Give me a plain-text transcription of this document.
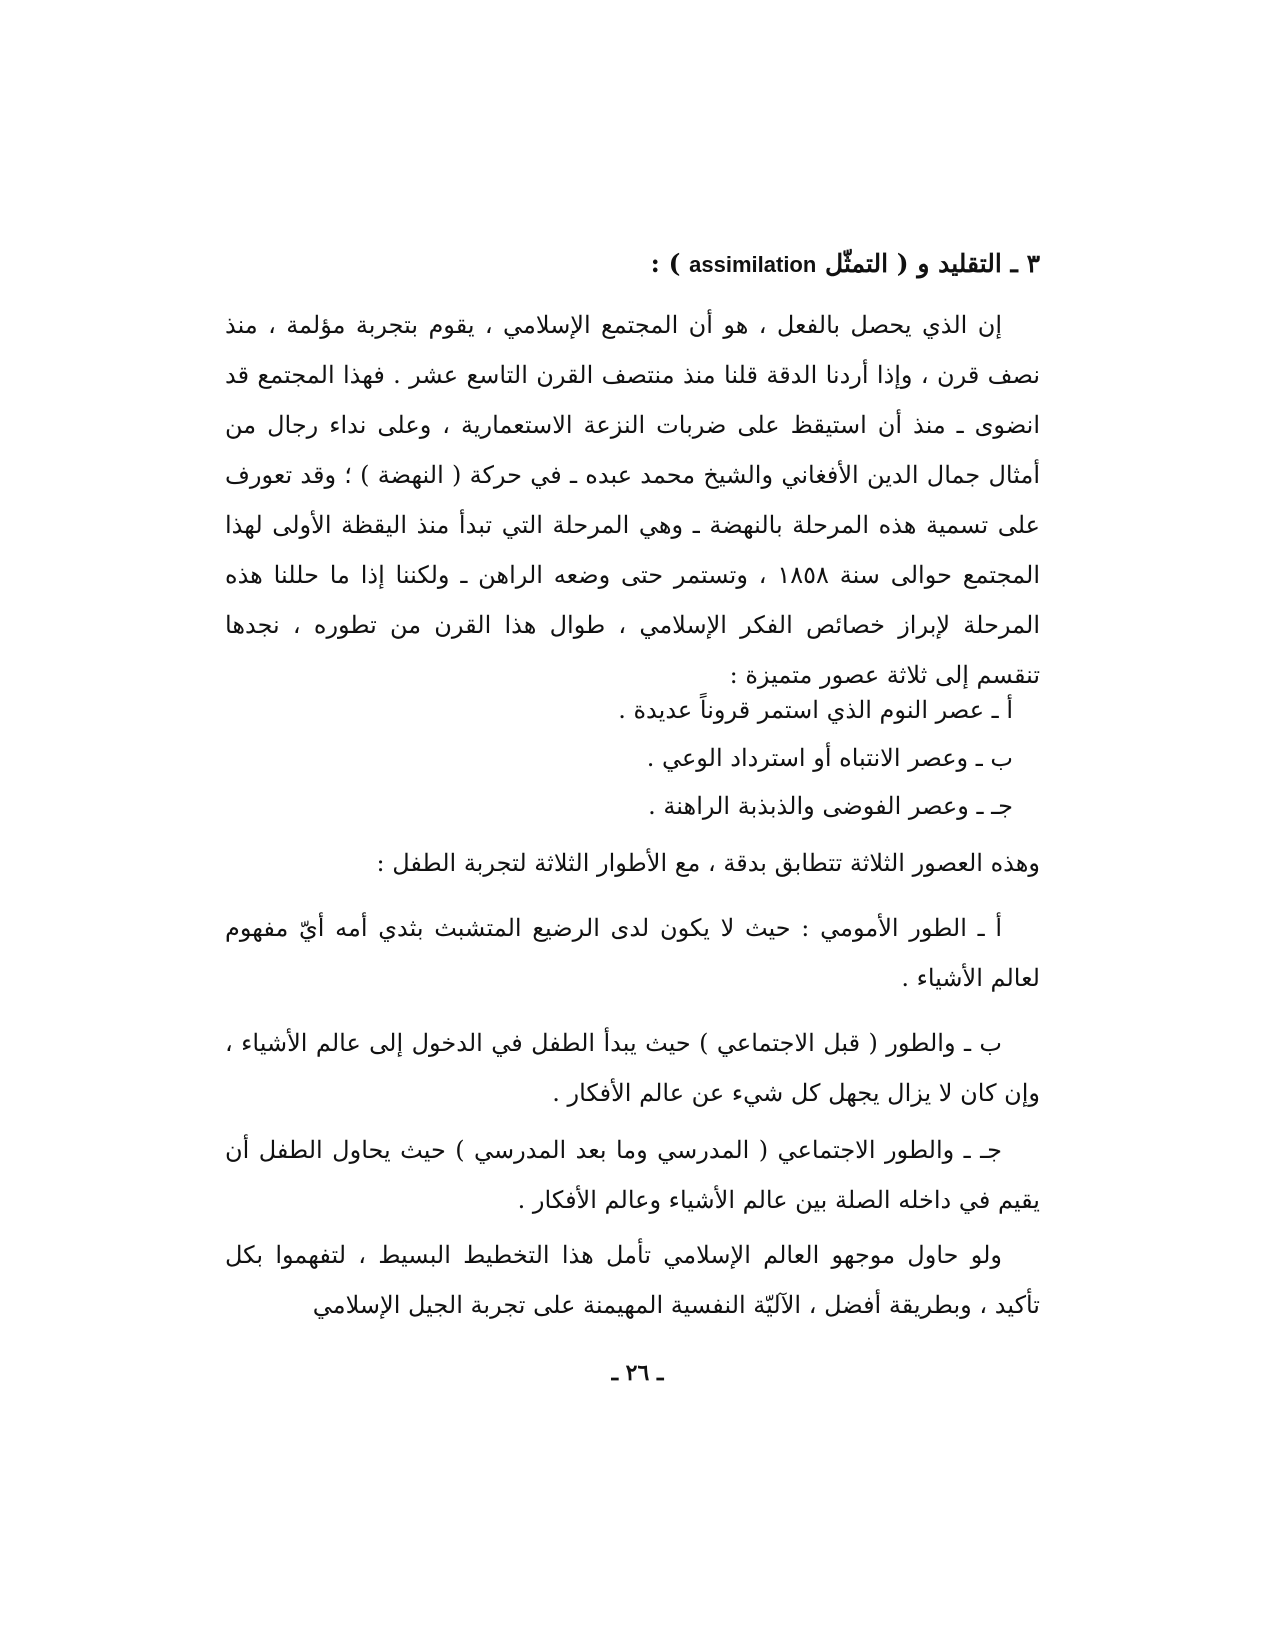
٣ ـ التقليد و ( التمثّل assimilation ) :

إن الذي يحصل بالفعل ، هو أن المجتمع الإسلامي ، يقوم بتجربة مؤلمة ، منذ نصف قرن ، وإذا أردنا الدقة قلنا منذ منتصف القرن التاسع عشر . فهذا المجتمع قد انضوى ـ منذ أن استيقظ على ضربات النزعة الاستعمارية ، وعلى نداء رجال من أمثال جمال الدين الأفغاني والشيخ محمد عبده ـ في حركة ( النهضة ) ؛ وقد تعورف على تسمية هذه المرحلة بالنهضة ـ وهي المرحلة التي تبدأ منذ اليقظة الأولى لهذا المجتمع حوالى سنة ١٨٥٨ ، وتستمر حتى وضعه الراهن ـ ولكننا إذا ما حللنا هذه المرحلة لإبراز خصائص الفكر الإسلامي ، طوال هذا القرن من تطوره ، نجدها تنقسم إلى ثلاثة عصور متميزة :

أ ـ عصر النوم الذي استمر قروناً عديدة .
ب ـ وعصر الانتباه أو استرداد الوعي .
جـ ـ وعصر الفوضى والذبذبة الراهنة .

وهذه العصور الثلاثة تتطابق بدقة ، مع الأطوار الثلاثة لتجربة الطفل :

أ ـ الطور الأمومي : حيث لا يكون لدى الرضيع المتشبث بثدي أمه أيّ مفهوم لعالم الأشياء .

ب ـ والطور ( قبل الاجتماعي ) حيث يبدأ الطفل في الدخول إلى عالم الأشياء ، وإن كان لا يزال يجهل كل شيء عن عالم الأفكار .

جـ ـ والطور الاجتماعي ( المدرسي وما بعد المدرسي ) حيث يحاول الطفل أن يقيم في داخله الصلة بين عالم الأشياء وعالم الأفكار .

ولو حاول موجهو العالم الإسلامي تأمل هذا التخطيط البسيط ، لتفهموا بكل تأكيد ، وبطريقة أفضل ، الآليّة النفسية المهيمنة على تجربة الجيل الإسلامي

ـ ٢٦ ـ
